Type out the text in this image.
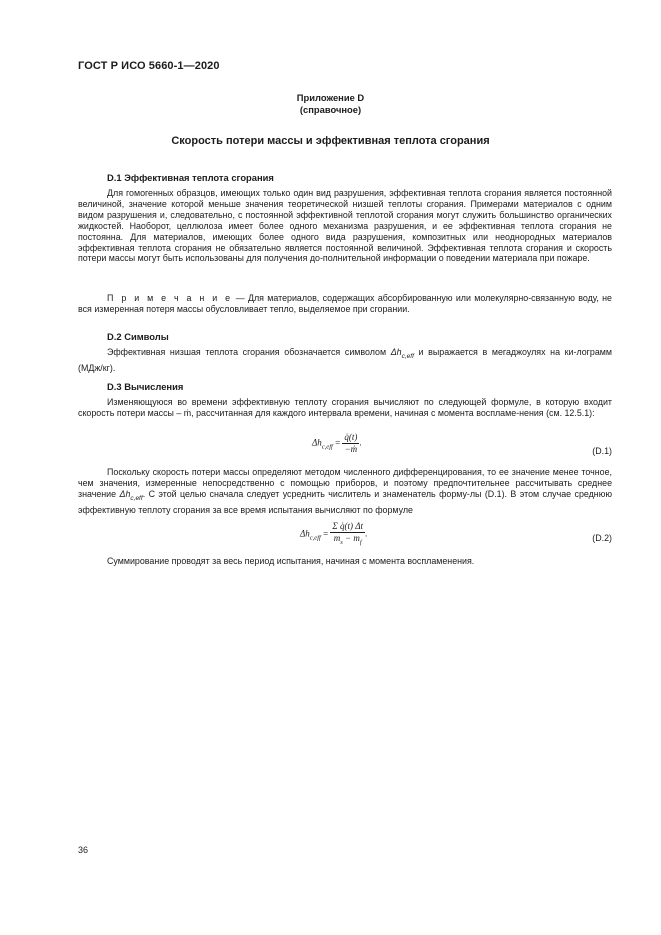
ГОСТ Р ИСО 5660-1—2020
Приложение D
(справочное)
Скорость потери массы и эффективная теплота сгорания
D.1 Эффективная теплота сгорания

Для гомогенных образцов, имеющих только один вид разрушения, эффективная теплота сгорания является постоянной величиной, значение которой меньше значения теоретической низшей теплоты сгорания. Примерами материалов с одним видом разрушения и, следовательно, с постоянной эффективной теплотой сгорания могут служить большинство органических жидкостей. Наоборот, целлюлоза имеет более одного механизма разрушения, и ее эффективная теплота сгорания не постоянна. Для материалов, имеющих более одного вида разрушения, композитных или неоднородных материалов эффективная теплота сгорания не обязательно является постоянной величиной. Эффективная теплота сгорания и скорость потери массы могут быть использованы для получения до-полнительной информации о поведении материала при пожаре.

П р и м е ч а н и е — Для материалов, содержащих абсорбированную или молекулярно-связанную воду, не вся измеренная потеря массы обусловливает тепло, выделяемое при сгорании.

D.2 Символы

Эффективная низшая теплота сгорания обозначается символом $\Delta h_{c,eff}$ и выражается в мегаджоулях на ки-лограмм (МДж/кг).

D.3 Вычисления

Изменяющуюся во времени эффективную теплоту сгорания вычисляют по следующей формуле, в которую входит скорость потери массы – ṁ, рассчитанная для каждого интервала времени, начиная с момента воспламе-нения (см. 12.5.1):

$\Delta h_{c,eff} = \frac{q̇(t)}{\text{−ṁ}}$ .
(D.1)

Поскольку скорость потери массы определяют методом численного дифференцирования, то ее значение менее точное, чем значения, измеренные непосредственно с помощью приборов, и поэтому предпочтительнее рассчитывать среднее значение $\Delta h_{c,eff}$. С этой целью сначала следует усреднить числитель и знаменатель форму-лы (D.1). В этом случае среднюю эффективную теплоту сгорания за все время испытания вычисляют по формуле

$\Delta h_{c,eff} = \frac{\text{Σ q̇(t) Δt}}{m_s - m_f}$ .	(D.2)

Суммирование проводят за весь период испытания, начиная с момента воспламенения.

36
